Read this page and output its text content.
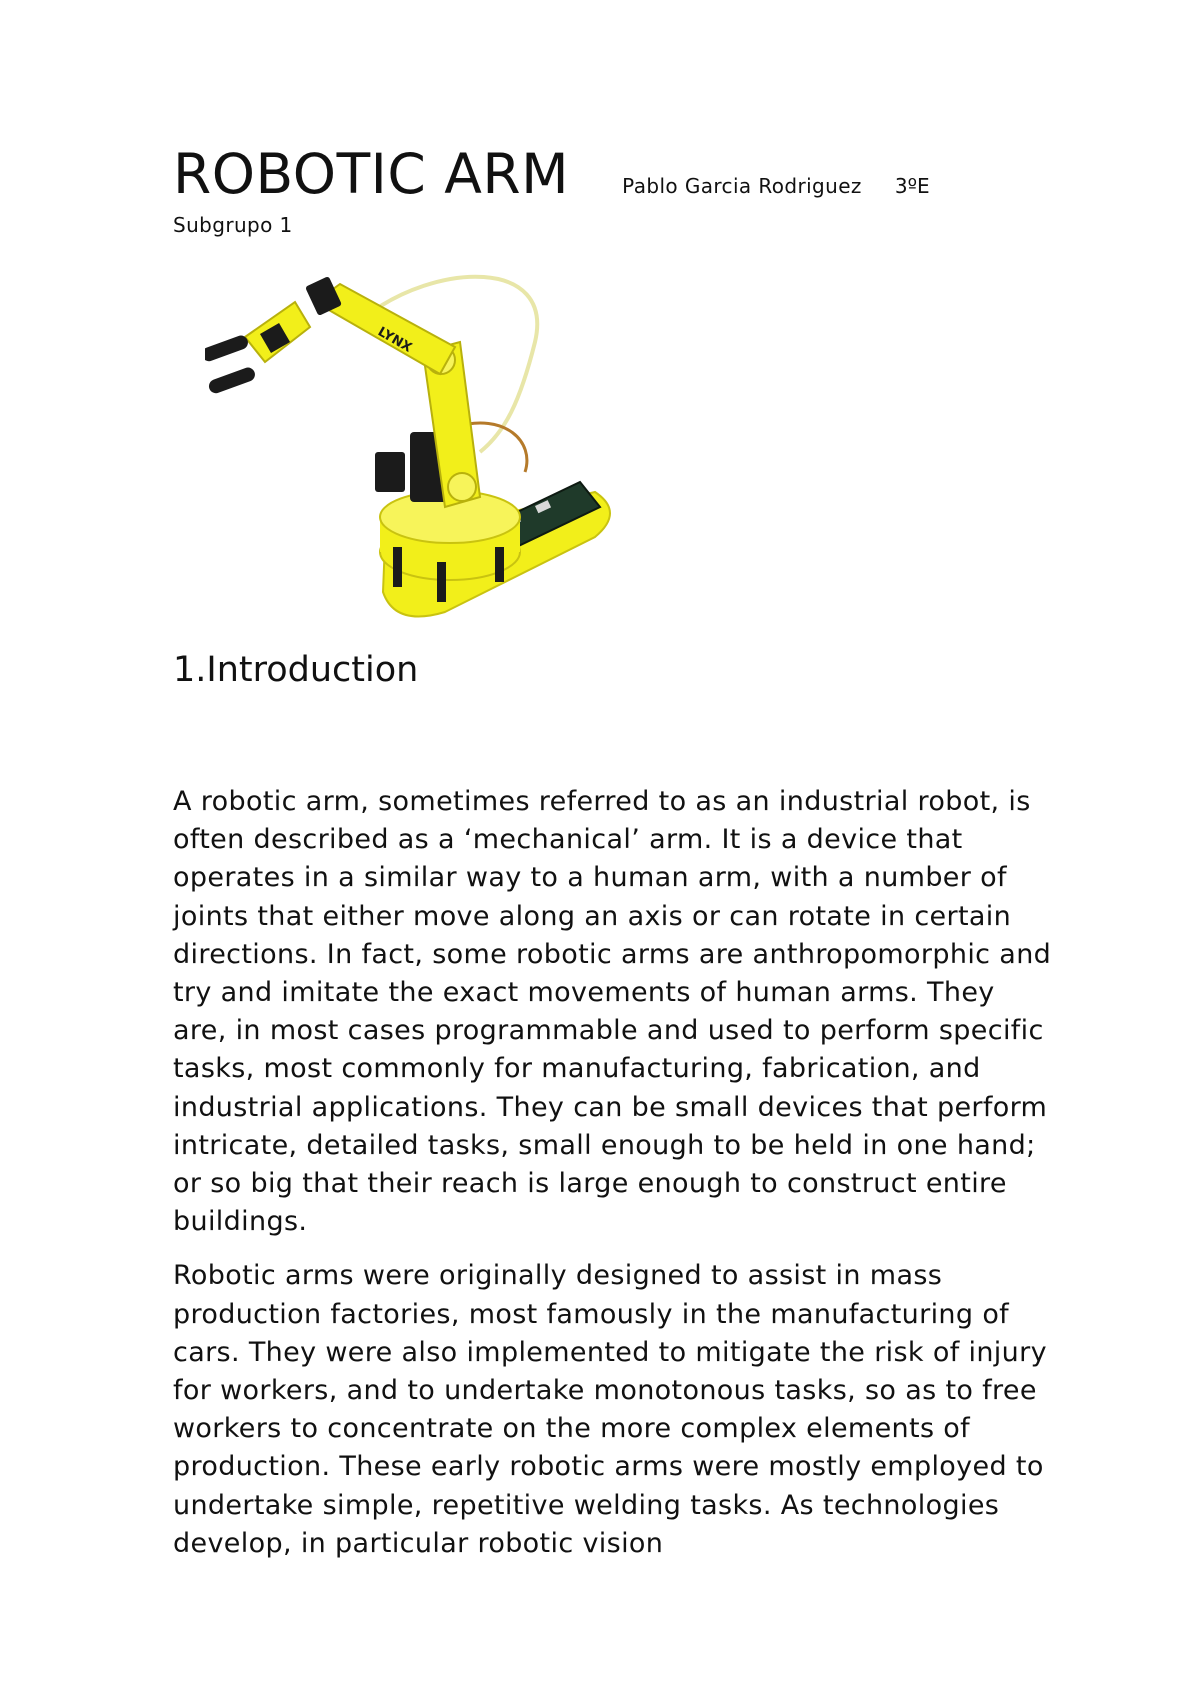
ROBOTIC ARM	Pablo Garcia Rodriguez 3ºE
Subgrupo 1
LYNX
1.Introduction

A robotic arm, sometimes referred to as an industrial robot, is often described as a ‘mechanical’ arm. It is a device that operates in a similar way to a human arm, with a number of joints that either move along an axis or can rotate in certain directions. In fact, some robotic arms are anthropomorphic and try and imitate the exact movements of human arms. They are, in most cases programmable and used to perform specific tasks, most commonly for manufacturing, fabrication, and industrial applications. They can be small devices that perform intricate, detailed tasks, small enough to be held in one hand; or so big that their reach is large enough to construct entire buildings.

Robotic arms were originally designed to assist in mass production factories, most famously in the manufacturing of cars. They were also implemented to mitigate the risk of injury for workers, and to undertake monotonous tasks, so as to free workers to concentrate on the more complex elements of production. These early robotic arms were mostly employed to undertake simple, repetitive welding tasks. As technologies develop, in particular robotic vision
